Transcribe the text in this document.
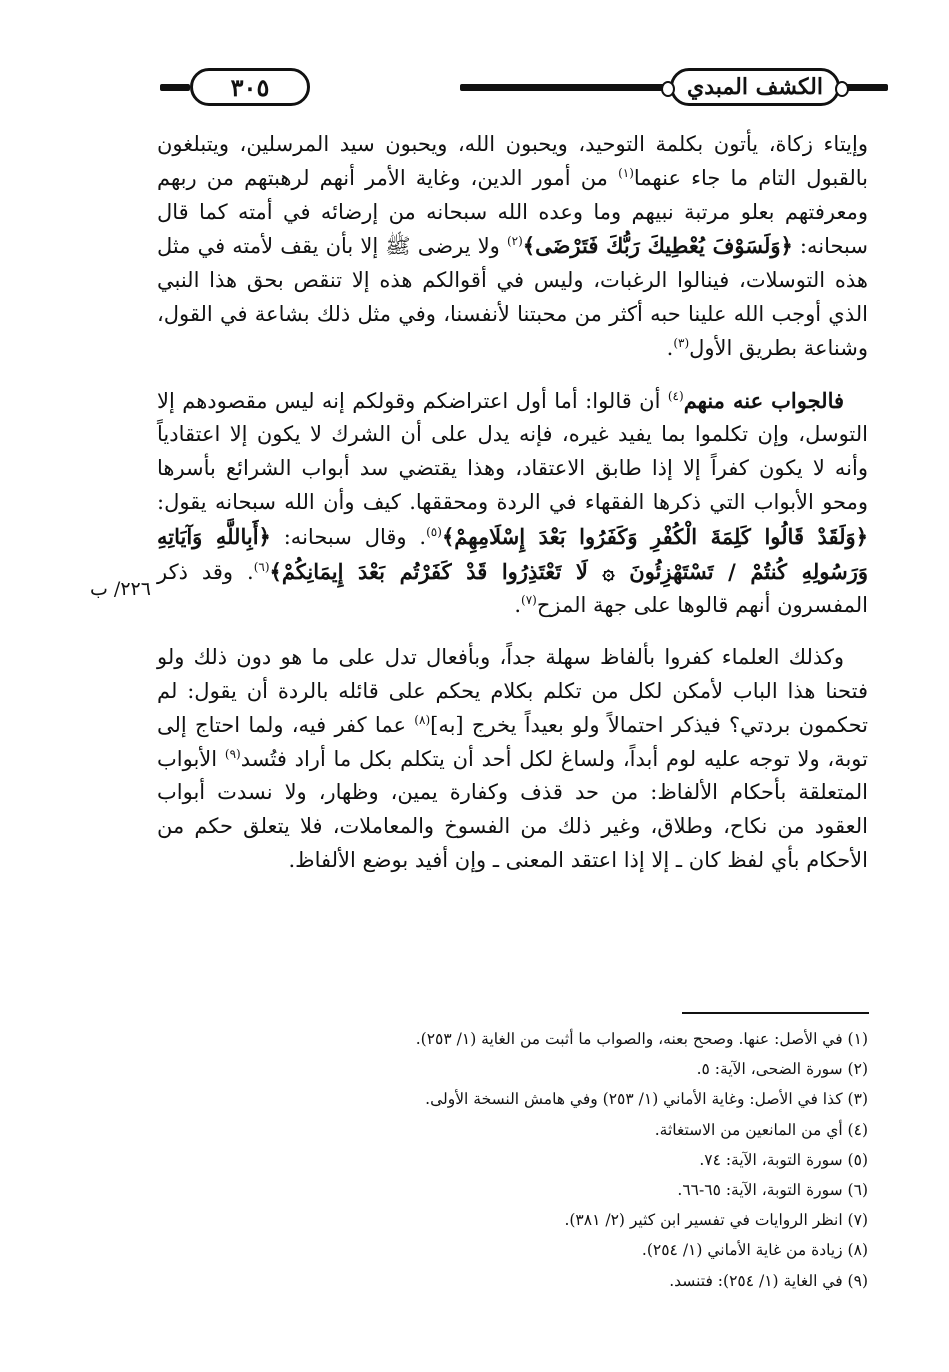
٣٠٥	الكشف المبدي

وإيتاء زكاة، يأتون بكلمة التوحيد، ويحبون الله، ويحبون سيد المرسلين، ويتبلغون بالقبول التام ما جاء عنهما$^{(١)}$ من أمور الدين، وغاية الأمر أنهم لرهبتهم من ربهم ومعرفتهم بعلو مرتبة نبيهم وما وعده الله سبحانه من إرضائه في أمته كما قال سبحانه: ﴿وَلَسَوْفَ يُعْطِيكَ رَبُّكَ فَتَرْضَى﴾$^{(٢)}$ ولا يرضى ﷺ إلا بأن يقف لأمته في مثل هذه التوسلات، فينالوا الرغبات، وليس في أقوالكم هذه إلا تنقص بحق هذا النبي الذي أوجب الله علينا حبه أكثر من محبتنا لأنفسنا، وفي مثل ذلك بشاعة في القول، وشناعة بطريق الأول$^{(٣)}$.

فالجواب عنه منهم$^{(٤)}$ أن قالوا: أما أول اعتراضكم وقولكم إنه ليس مقصودهم إلا التوسل، وإن تكلموا بما يفيد غيره، فإنه يدل على أن الشرك لا يكون إلا اعتقادياً وأنه لا يكون كفراً إلا إذا طابق الاعتقاد، وهذا يقتضي سد أبواب الشرائع بأسرها ومحو الأبواب التي ذكرها الفقهاء في الردة ومحققها. كيف وأن الله سبحانه يقول: ﴿وَلَقَدْ قَالُوا كَلِمَةَ الْكُفْرِ وَكَفَرُوا بَعْدَ إِسْلَامِهِمْ﴾$^{(٥)}$. وقال سبحانه: ﴿أَبِاللَّهِ وَآيَاتِهِ وَرَسُولِهِ كُنتُمْ / تَسْتَهْزِئُونَ ۞ لَا تَعْتَذِرُوا قَدْ كَفَرْتُم بَعْدَ إِيمَانِكُمْ﴾$^{(٦)}$. وقد ذكر المفسرون أنهم قالوها على جهة المزح$^{(٧)}$.

وكذلك العلماء كفروا بألفاظ سهلة جداً، وبأفعال تدل على ما هو دون ذلك ولو فتحنا هذا الباب لأمكن لكل من تكلم بكلام يحكم على قائله بالردة أن يقول: لم تحكمون بردتي؟ فيذكر احتمالاً ولو بعيداً يخرج [به]$^{(٨)}$ عما كفر فيه، ولما احتاج إلى توبة، ولا توجه عليه لوم أبداً، ولساغ لكل أحد أن يتكلم بكل ما أراد فتُسد$^{(٩)}$ الأبواب المتعلقة بأحكام الألفاظ: من حد قذف وكفارة يمين، وظهار، ولا نسدت أبواب العقود من نكاح، وطلاق، وغير ذلك من الفسوخ والمعاملات، فلا يتعلق حكم من الأحكام بأي لفظ كان ـ إلا إذا اعتقد المعنى ـ وإن أفيد بوضع الألفاظ.

٢٢٦/ ب

(١) في الأصل: عنها. وصحح بعنه، والصواب ما أثبت من الغاية (١/ ٢٥٣).

(٢) سورة الضحى، الآية: ٥.

(٣) كذا في الأصل: وغاية الأماني (١/ ٢٥٣) وفي هامش النسخة الأولى.

(٤) أي من المانعين من الاستغاثة.

(٥) سورة التوبة، الآية: ٧٤.

(٦) سورة التوبة، الآية: ٦٥-٦٦.

(٧) انظر الروايات في تفسير ابن كثير (٢/ ٣٨١).

(٨) زيادة من غاية الأماني (١/ ٢٥٤).

(٩) في الغاية (١/ ٢٥٤): فتنسد.
